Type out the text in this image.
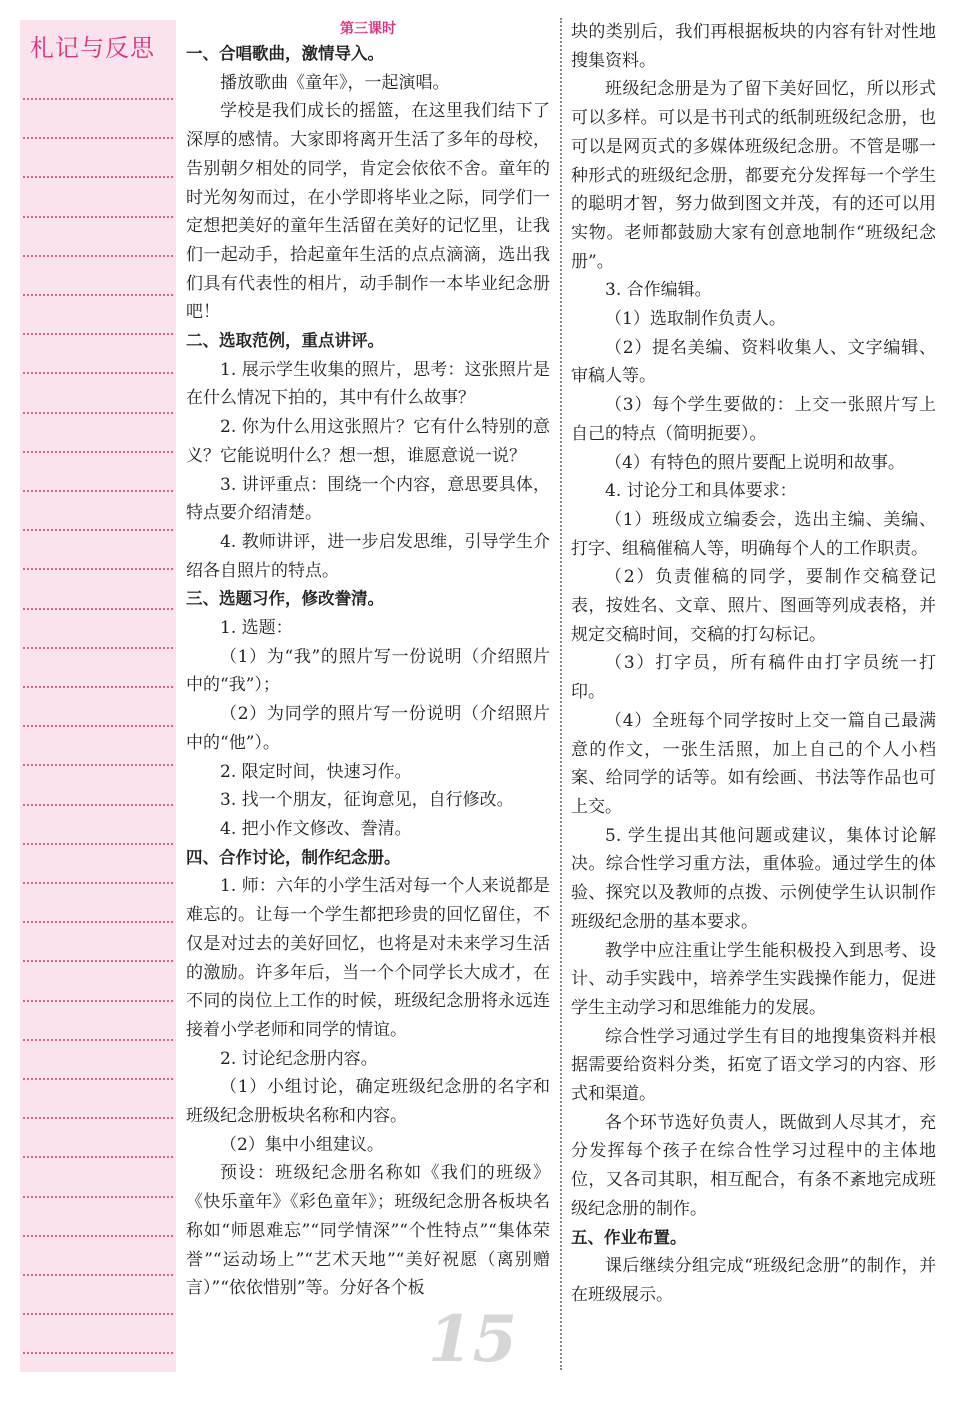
札记与反思
第三课时

一、合唱歌曲，激情导入。

播放歌曲《童年》，一起演唱。

学校是我们成长的摇篮，在这里我们结下了深厚的感情。大家即将离开生活了多年的母校，告别朝夕相处的同学，肯定会依依不舍。童年的时光匆匆而过，在小学即将毕业之际，同学们一定想把美好的童年生活留在美好的记忆里，让我们一起动手，拾起童年生活的点点滴滴，选出我们具有代表性的相片，动手制作一本毕业纪念册吧！

二、选取范例，重点讲评。

1. 展示学生收集的照片，思考：这张照片是在什么情况下拍的，其中有什么故事？

2. 你为什么用这张照片？它有什么特别的意义？它能说明什么？想一想，谁愿意说一说？

3. 讲评重点：围绕一个内容，意思要具体，特点要介绍清楚。

4. 教师讲评，进一步启发思维，引导学生介绍各自照片的特点。

三、选题习作，修改誊清。

1. 选题：

（1）为“我”的照片写一份说明（介绍照片中的“我”）；

（2）为同学的照片写一份说明（介绍照片中的“他”）。

2. 限定时间，快速习作。

3. 找一个朋友，征询意见，自行修改。

4. 把小作文修改、誊清。

四、合作讨论，制作纪念册。

1. 师：六年的小学生活对每一个人来说都是难忘的。让每一个学生都把珍贵的回忆留住，不仅是对过去的美好回忆，也将是对未来学习生活的激励。许多年后，当一个个同学长大成才，在不同的岗位上工作的时候，班级纪念册将永远连接着小学老师和同学的情谊。

2. 讨论纪念册内容。

（1）小组讨论，确定班级纪念册的名字和班级纪念册板块名称和内容。

（2）集中小组建议。

预设：班级纪念册名称如《我们的班级》《快乐童年》《彩色童年》；班级纪念册各板块名称如“师恩难忘”“同学情深”“个性特点”“集体荣誉”“运动场上”“艺术天地”“美好祝愿（离别赠言）”“依依惜别”等。分好各个板

块的类别后，我们再根据板块的内容有针对性地搜集资料。

班级纪念册是为了留下美好回忆，所以形式可以多样。可以是书刊式的纸制班级纪念册，也可以是网页式的多媒体班级纪念册。不管是哪一种形式的班级纪念册，都要充分发挥每一个学生的聪明才智，努力做到图文并茂，有的还可以用实物。老师都鼓励大家有创意地制作“班级纪念册”。

3. 合作编辑。

（1）选取制作负责人。

（2）提名美编、资料收集人、文字编辑、审稿人等。

（3）每个学生要做的：上交一张照片写上自己的特点（简明扼要）。

（4）有特色的照片要配上说明和故事。

4. 讨论分工和具体要求：

（1）班级成立编委会，选出主编、美编、打字、组稿催稿人等，明确每个人的工作职责。

（2）负责催稿的同学，要制作交稿登记表，按姓名、文章、照片、图画等列成表格，并规定交稿时间，交稿的打勾标记。

（3）打字员，所有稿件由打字员统一打印。

（4）全班每个同学按时上交一篇自己最满意的作文，一张生活照，加上自己的个人小档案、给同学的话等。如有绘画、书法等作品也可上交。

5. 学生提出其他问题或建议，集体讨论解决。综合性学习重方法，重体验。通过学生的体验、探究以及教师的点拨、示例使学生认识制作班级纪念册的基本要求。

教学中应注重让学生能积极投入到思考、设计、动手实践中，培养学生实践操作能力，促进学生主动学习和思维能力的发展。

综合性学习通过学生有目的地搜集资料并根据需要给资料分类，拓宽了语文学习的内容、形式和渠道。

各个环节选好负责人，既做到人尽其才，充分发挥每个孩子在综合性学习过程中的主体地位，又各司其职，相互配合，有条不紊地完成班级纪念册的制作。

五、作业布置。

课后继续分组完成“班级纪念册”的制作，并在班级展示。

15
